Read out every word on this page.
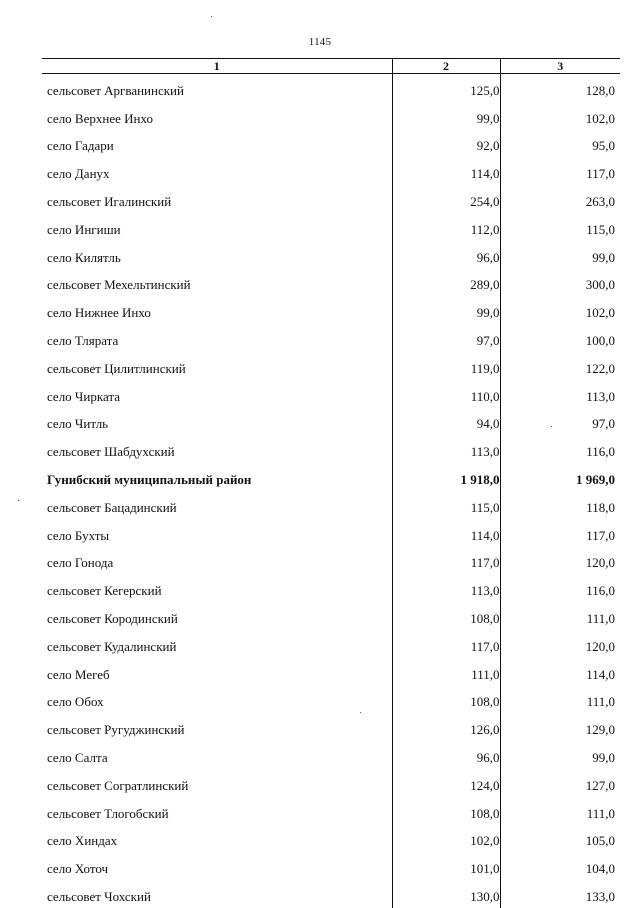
1145
1	2	3
сельсовет Аргванинский	125,0	128,0
село Верхнее Инхо	99,0	102,0
село Гадари	92,0	95,0
село Данух	114,0	117,0
сельсовет Игалинский	254,0	263,0
село Ингиши	112,0	115,0
село Килятль	96,0	99,0
сельсовет Мехельтинский	289,0	300,0
село Нижнее Инхо	99,0	102,0
село Тлярата	97,0	100,0
сельсовет Цилитлинский	119,0	122,0
село Чирката	110,0	113,0
село Читль	94,0	97,0
сельсовет Шабдухский	113,0	116,0
Гунибский муниципальный район	1 918,0	1 969,0
сельсовет Бацадинский	115,0	118,0
село Бухты	114,0	117,0
село Гонода	117,0	120,0
сельсовет Кегерский	113,0	116,0
сельсовет Кородинский	108,0	111,0
сельсовет Кудалинский	117,0	120,0
село Мегеб	111,0	114,0
село Обох	108,0	111,0
сельсовет Ругуджинский	126,0	129,0
село Салта	96,0	99,0
сельсовет Согратлинский	124,0	127,0
сельсовет Тлогобский	108,0	111,0
село Хиндах	102,0	105,0
село Хоточ	101,0	104,0
сельсовет Чохский	130,0	133,0
